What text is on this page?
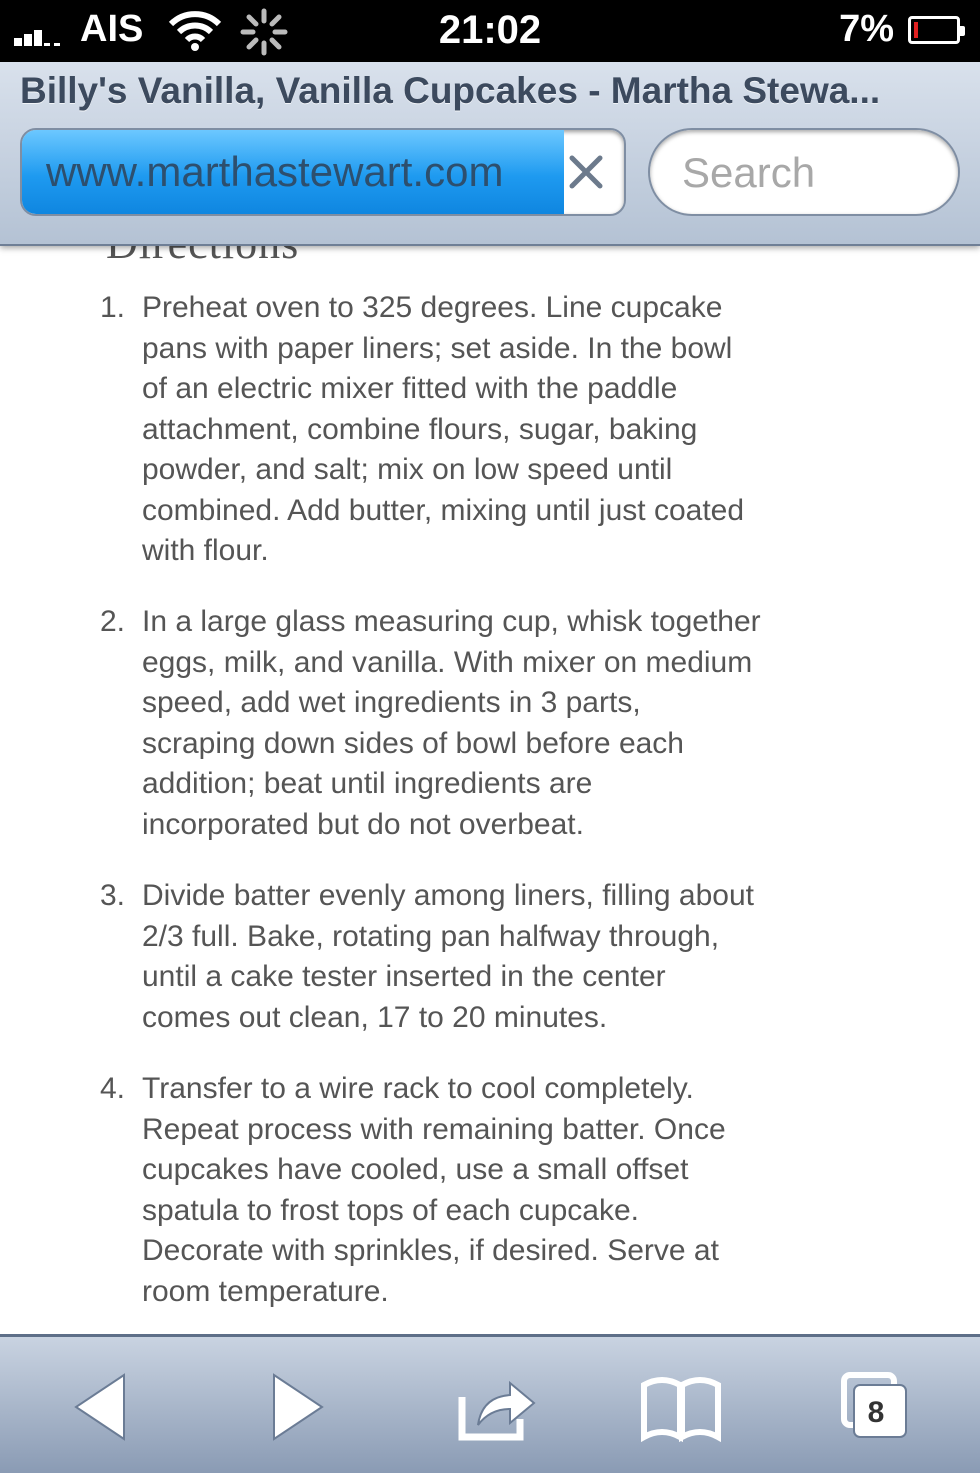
AIS	21:02	7%
Billy's Vanilla, Vanilla Cupcakes - Martha Stewa...
www.marthastewart.com
Search
1. Preheat oven to 325 degrees. Line cupcake pans with paper liners; set aside. In the bowl of an electric mixer fitted with the paddle attachment, combine flours, sugar, baking powder, and salt; mix on low speed until combined. Add butter, mixing until just coated with flour.
2. In a large glass measuring cup, whisk together eggs, milk, and vanilla. With mixer on medium speed, add wet ingredients in 3 parts, scraping down sides of bowl before each addition; beat until ingredients are incorporated but do not overbeat.
3. Divide batter evenly among liners, filling about 2/3 full. Bake, rotating pan halfway through, until a cake tester inserted in the center comes out clean, 17 to 20 minutes.
4. Transfer to a wire rack to cool completely. Repeat process with remaining batter. Once cupcakes have cooled, use a small offset spatula to frost tops of each cupcake. Decorate with sprinkles, if desired. Serve at room temperature.
8
